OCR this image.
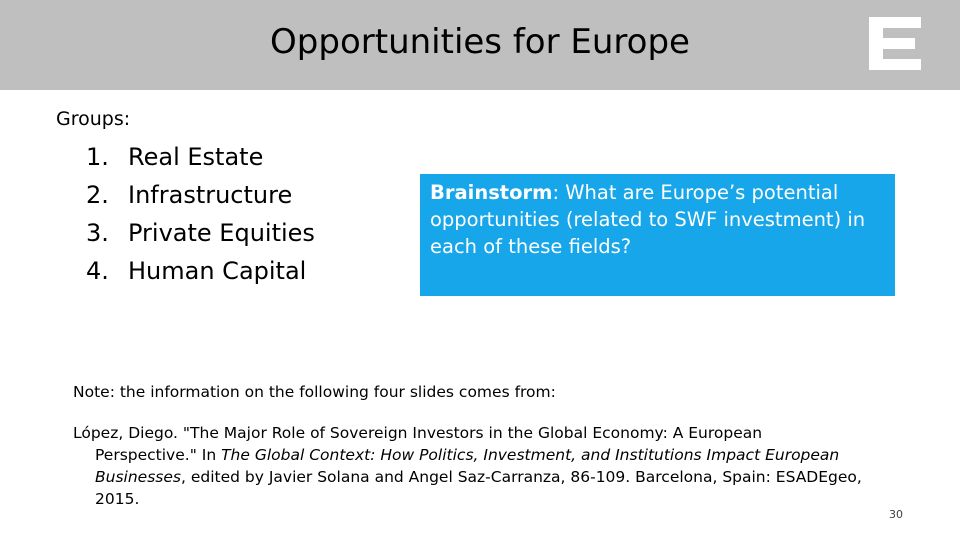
Opportunities for Europe
Groups:
1. Real Estate
2. Infrastructure
3. Private Equities
4. Human Capital
Brainstorm: What are Europe’s potential opportunities (related to SWF investment) in each of these fields?
Note: the information on the following four slides comes from:
López, Diego. "The Major Role of Sovereign Investors in the Global Economy: A European
Perspective." In The Global Context: How Politics, Investment, and Institutions Impact European Businesses, edited by Javier Solana and Angel Saz-Carranza, 86-109. Barcelona, Spain: ESADEgeo, 2015.
30
